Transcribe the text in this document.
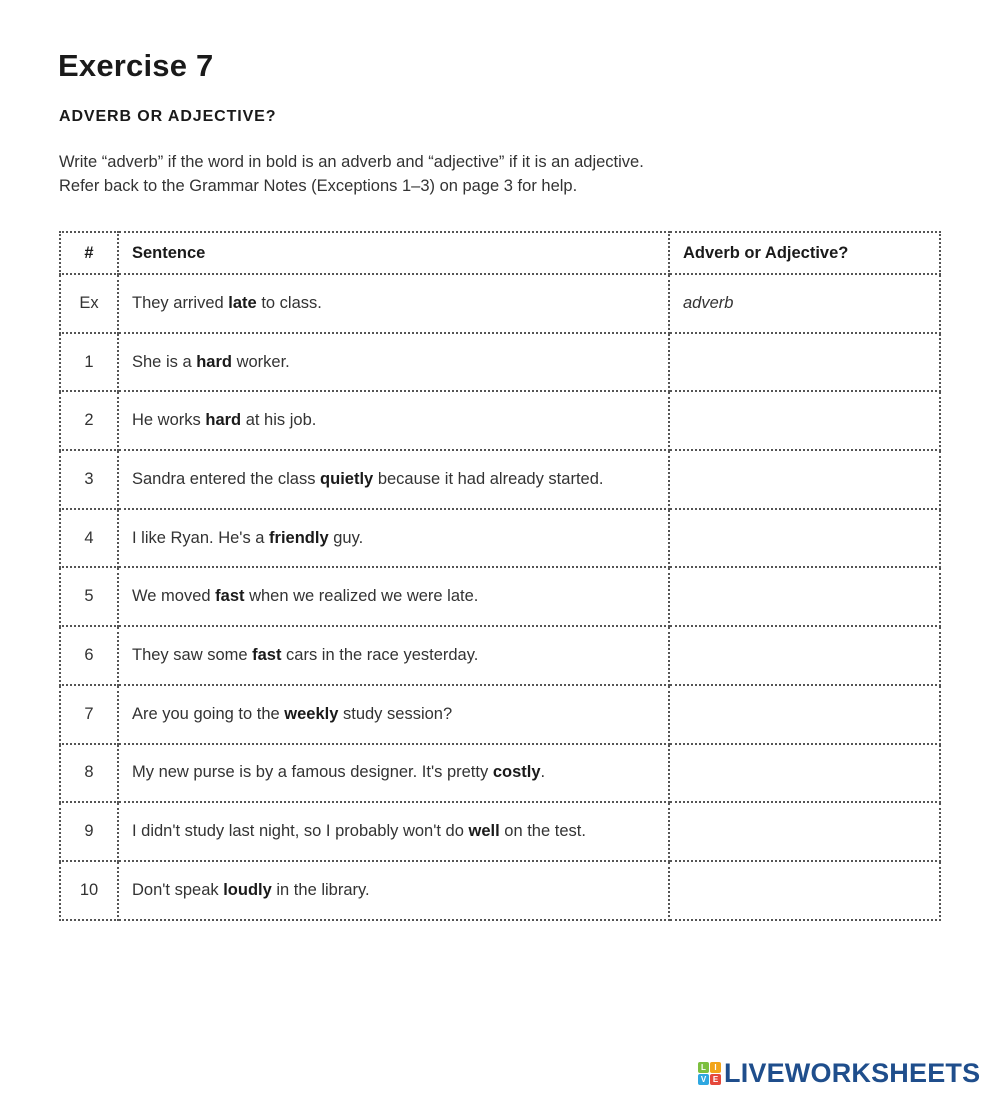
Exercise 7
ADVERB OR ADJECTIVE?
Write “adverb” if the word in bold is an adverb and “adjective” if it is an adjective.
Refer back to the Grammar Notes (Exceptions 1–3) on page 3 for help.
#	Sentence	Adverb or Adjective?
Ex	They arrived late to class.	adverb
1	She is a hard worker.	
2	He works hard at his job.	
3	Sandra entered the class quietly because it had already started.	
4	I like Ryan. He's a friendly guy.	
5	We moved fast when we realized we were late.	
6	They saw some fast cars in the race yesterday.	
7	Are you going to the weekly study session?	
8	My new purse is by a famous designer. It's pretty costly.	
9	I didn't study last night, so I probably won't do well on the test.	
10	Don't speak loudly in the library.	
L	I
V E LIVEWORKSHEETS
